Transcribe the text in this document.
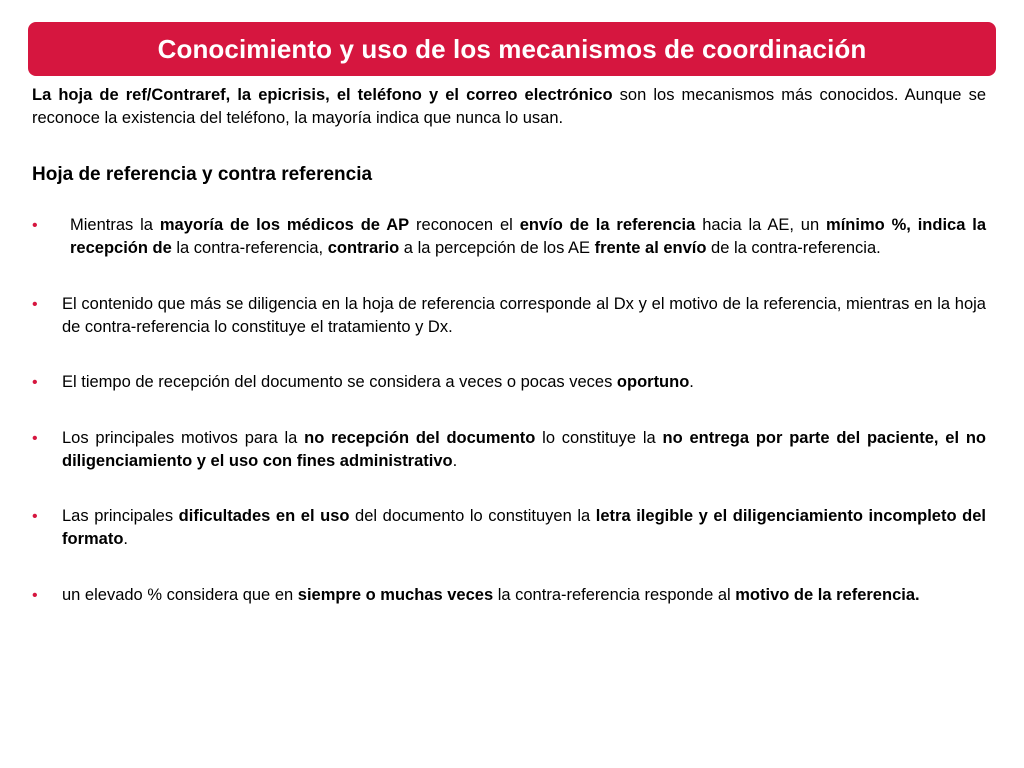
Conocimiento y uso de los mecanismos de coordinación

La hoja de ref/Contraref, la epicrisis, el teléfono y el correo electrónico son los mecanismos más conocidos. Aunque se reconoce la existencia del teléfono, la mayoría indica que nunca lo usan.

Hoja de referencia y contra referencia
• Mientras la mayoría de los médicos de AP reconocen el envío de la referencia hacia la AE, un mínimo %, indica la recepción de la contra-referencia, contrario a la percepción de los AE frente al envío de la contra-referencia.
• El contenido que más se diligencia en la hoja de referencia corresponde al Dx y el motivo de la referencia, mientras en la hoja de contra-referencia lo constituye el tratamiento y Dx.
• El tiempo de recepción del documento se considera a veces o pocas veces oportuno.
• Los principales motivos para la no recepción del documento lo constituye la no entrega por parte del paciente, el no diligenciamiento y el uso con fines administrativo.
• Las principales dificultades en el uso del documento lo constituyen la letra ilegible y el diligenciamiento incompleto del formato.
• un elevado % considera que en siempre o muchas veces la contra-referencia responde al motivo de la referencia.
